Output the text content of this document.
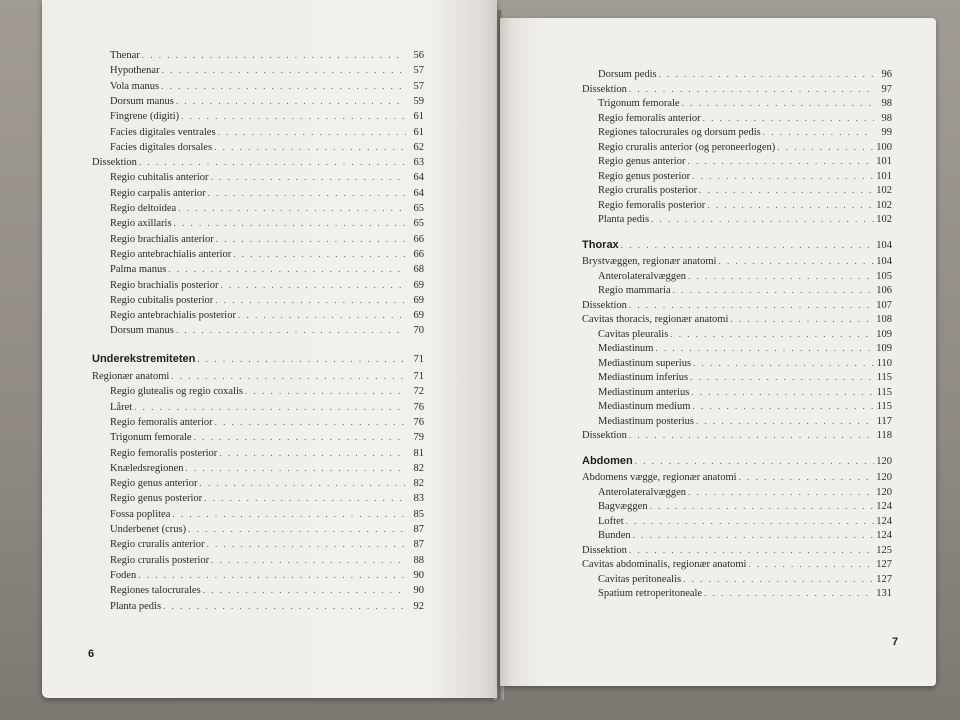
Thenar . . .	56
Hypothenar . . .	57
Vola manus . . .	57
Dorsum manus . . .	59
Fingrene (digiti) . . .	61
Facies digitales ventrales . . .	61
Facies digitales dorsales . . .	62
Dissektion . . .	63
Regio cubitalis anterior . . .	64
Regio carpalis anterior . . .	64
Regio deltoidea . . .	65
Regio axillaris . . .	65
Regio brachialis anterior . . .	66
Regio antebrachialis anterior . . .	66
Palma manus . . .	68
Regio brachialis posterior . . .	69
Regio cubitalis posterior . . .	69
Regio antebrachialis posterior . . .	69
Dorsum manus . . .	70
Underekstremiteten . . .	71
Regionær anatomi . . .	71
Regio glutealis og regio coxalis . . .	72
Låret . . .	76
Regio femoralis anterior . . .	76
Trigonum femorale . . .	79
Regio femoralis posterior . . .	81
Knæledsregionen . . .	82
Regio genus anterior . . .	82
Regio genus posterior . . .	83
Fossa poplitea . . .	85
Underbenet (crus) . . .	87
Regio cruralis anterior . . .	87
Regio cruralis posterior . . .	88
Foden . . .	90
Regiones talocrurales . . .	90
Planta pedis . . .	92
6
Dorsum pedis . . .	96
Dissektion . . .	97
Trigonum femorale . . .	98
Regio femoralis anterior . . .	98
Regiones talocrurales og dorsum pedis . . .	99
Regio cruralis anterior (og peroneerlogen) . . .	100
Regio genus anterior . . .	101
Regio genus posterior . . .	101
Regio cruralis posterior . . .	102
Regio femoralis posterior . . .	102
Planta pedis . . .	102
Thorax . . .	104
Brystvæggen, regionær anatomi . . .	104
Anterolateralvæggen . . .	105
Regio mammaria . . .	106
Dissektion . . .	107
Cavitas thoracis, regionær anatomi . . .	108
Cavitas pleuralis . . .	109
Mediastinum . . .	109
Mediastinum superius . . .	110
Mediastinum inferius . . .	115
Mediastinum anterius . . .	115
Mediastinum medium . . .	115
Mediastinum posterius . . .	117
Dissektion . . .	118
Abdomen . . .	120
Abdomens vægge, regionær anatomi . . .	120
Anterolateralvæggen . . .	120
Bagvæggen . . .	124
Loftet . . .	124
Bunden . . .	124
Dissektion . . .	125
Cavitas abdominalis, regionær anatomi . . .	127
Cavitas peritonealis . . .	127
Spatium retroperitoneale . . .	131
7
